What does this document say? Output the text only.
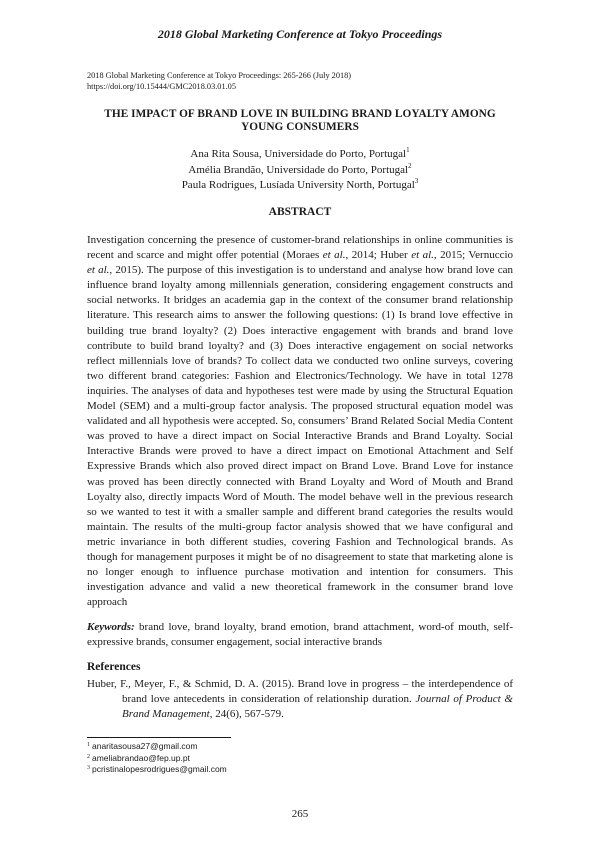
2018 Global Marketing Conference at Tokyo Proceedings
2018 Global Marketing Conference at Tokyo Proceedings: 265-266 (July 2018)
https://doi.org/10.15444/GMC2018.03.01.05
THE IMPACT OF BRAND LOVE IN BUILDING BRAND LOYALTY AMONG YOUNG CONSUMERS
Ana Rita Sousa, Universidade do Porto, Portugal$^1$
Amélia Brandão, Universidade do Porto, Portugal$^2$
Paula Rodrigues, Lusíada University North, Portugal$^3$
ABSTRACT
Investigation concerning the presence of customer-brand relationships in online communities is recent and scarce and might offer potential (Moraes et al., 2014; Huber et al., 2015; Vernuccio et al., 2015). The purpose of this investigation is to understand and analyse how brand love can influence brand loyalty among millennials generation, considering engagement constructs and social networks. It bridges an academia gap in the context of the consumer brand relationship literature. This research aims to answer the following questions: (1) Is brand love effective in building true brand loyalty? (2) Does interactive engagement with brands and brand love contribute to build brand loyalty? and (3) Does interactive engagement on social networks reflect millennials love of brands? To collect data we conducted two online surveys, covering two different brand categories: Fashion and Electronics/Technology. We have in total 1278 inquiries. The analyses of data and hypotheses test were made by using the Structural Equation Model (SEM) and a multi-group factor analysis. The proposed structural equation model was validated and all hypothesis were accepted. So, consumers’ Brand Related Social Media Content was proved to have a direct impact on Social Interactive Brands and Brand Loyalty. Social Interactive Brands were proved to have a direct impact on Emotional Attachment and Self Expressive Brands which also proved direct impact on Brand Love. Brand Love for instance was proved has been directly connected with Brand Loyalty and Word of Mouth and Brand Loyalty also, directly impacts Word of Mouth. The model behave well in the previous research so we wanted to test it with a smaller sample and different brand categories the results would maintain. The results of the multi-group factor analysis showed that we have configural and metric invariance in both different studies, covering Fashion and Technological brands. As though for management purposes it might be of no disagreement to state that marketing alone is no longer enough to influence purchase motivation and intention for consumers. This investigation advance and valid a new theoretical framework in the consumer brand love approach
Keywords: brand love, brand loyalty, brand emotion, brand attachment, word-of mouth, self-expressive brands, consumer engagement, social interactive brands
References
Huber, F., Meyer, F., & Schmid, D. A. (2015). Brand love in progress – the interdependence of brand love antecedents in consideration of relationship duration. Journal of Product & Brand Management, 24(6), 567-579.
$^1$ anaritasousa27@gmail.com
$^2$ ameliabrandao@fep.up.pt
$^3$ pcristinalopesrodrigues@gmail.com
265
